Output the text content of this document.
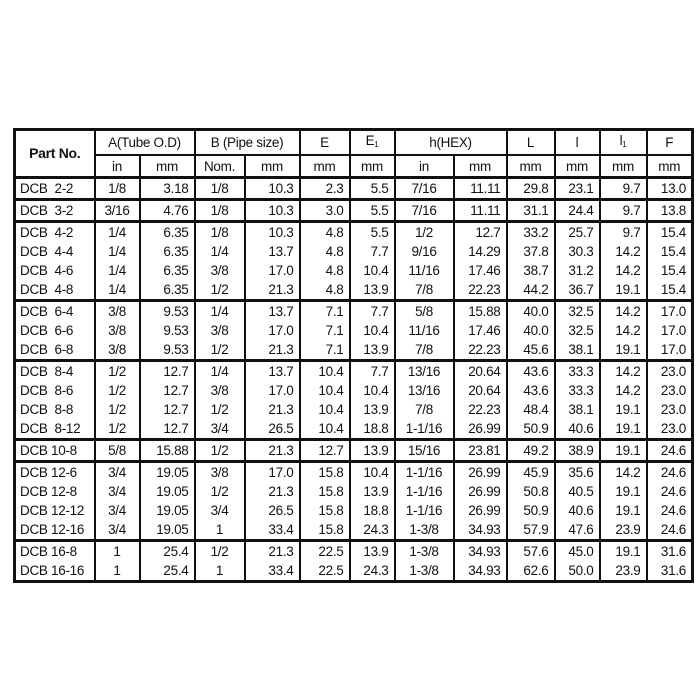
Part No.	A(Tube O.D)		B (Pipe size)		E	$E_1$	h(HEX)		L	l	$l_1$	F
	in	mm	Nom.	mm	mm	mm	in	mm	mm	mm	mm	mm
DCB  2-2	1/8	3.18	1/8	10.3	2.3	5.5	7/16	11.11	29.8	23.1	9.7	13.0
DCB  3-2	3/16	4.76	1/8	10.3	3.0	5.5	7/16	11.11	31.1	24.4	9.7	13.8
DCB  4-2	1/4	6.35	1/8	10.3	4.8	5.5	1/2	12.7	33.2	25.7	9.7	15.4
DCB  4-4	1/4	6.35	1/4	13.7	4.8	7.7	9/16	14.29	37.8	30.3	14.2	15.4
DCB  4-6	1/4	6.35	3/8	17.0	4.8	10.4	11/16	17.46	38.7	31.2	14.2	15.4
DCB  4-8	1/4	6.35	1/2	21.3	4.8	13.9	7/8	22.23	44.2	36.7	19.1	15.4
DCB  6-4	3/8	9.53	1/4	13.7	7.1	7.7	5/8	15.88	40.0	32.5	14.2	17.0
DCB  6-6	3/8	9.53	3/8	17.0	7.1	10.4	11/16	17.46	40.0	32.5	14.2	17.0
DCB  6-8	3/8	9.53	1/2	21.3	7.1	13.9	7/8	22.23	45.6	38.1	19.1	17.0
DCB  8-4	1/2	12.7	1/4	13.7	10.4	7.7	13/16	20.64	43.6	33.3	14.2	23.0
DCB  8-6	1/2	12.7	3/8	17.0	10.4	10.4	13/16	20.64	43.6	33.3	14.2	23.0
DCB  8-8	1/2	12.7	1/2	21.3	10.4	13.9	7/8	22.23	48.4	38.1	19.1	23.0
DCB  8-12	1/2	12.7	3/4	26.5	10.4	18.8	1-1/16	26.99	50.9	40.6	19.1	23.0
DCB 10-8	5/8	15.88	1/2	21.3	12.7	13.9	15/16	23.81	49.2	38.9	19.1	24.6
DCB 12-6	3/4	19.05	3/8	17.0	15.8	10.4	1-1/16	26.99	45.9	35.6	14.2	24.6
DCB 12-8	3/4	19.05	1/2	21.3	15.8	13.9	1-1/16	26.99	50.8	40.5	19.1	24.6
DCB 12-12	3/4	19.05	3/4	26.5	15.8	18.8	1-1/16	26.99	50.9	40.6	19.1	24.6
DCB 12-16	3/4	19.05	1	33.4	15.8	24.3	1-3/8	34.93	57.9	47.6	23.9	24.6
DCB 16-8	1	25.4	1/2	21.3	22.5	13.9	1-3/8	34.93	57.6	45.0	19.1	31.6
DCB 16-16	1	25.4	1	33.4	22.5	24.3	1-3/8	34.93	62.6	50.0	23.9	31.6
